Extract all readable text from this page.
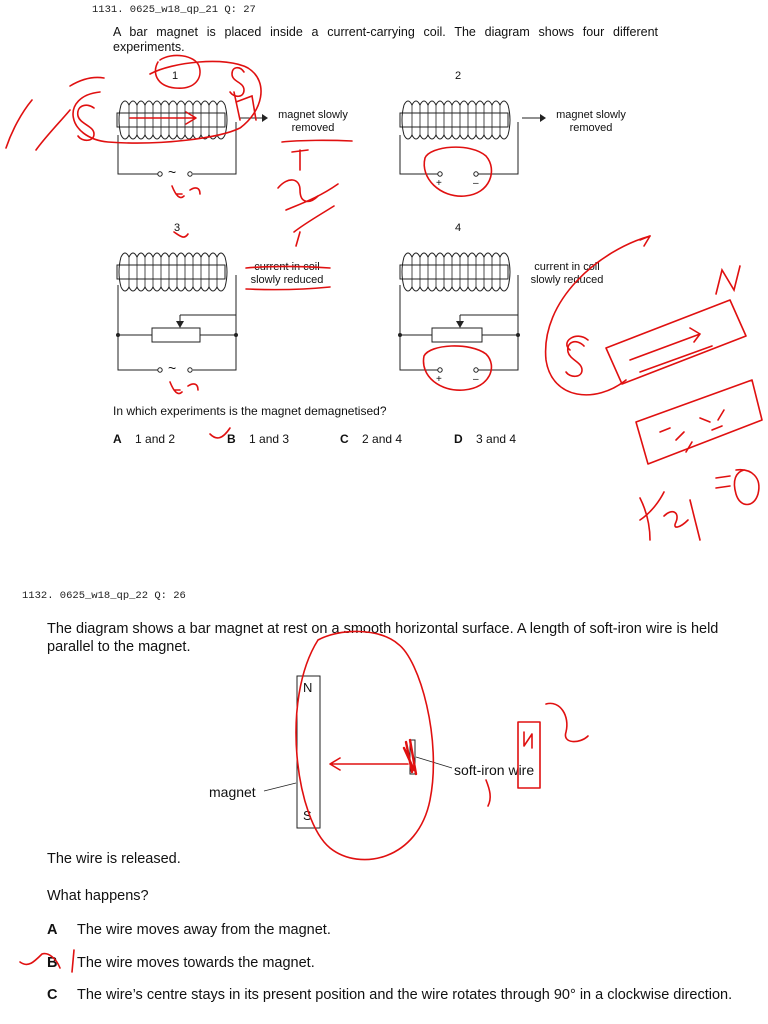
1131. 0625_w18_qp_21 Q: 27
A bar magnet is placed inside a current-carrying coil. The diagram shows four different experiments.
1	2
3	4
~
~
+	–
+	–
magnet slowly removed
magnet slowly removed
current in coil slowly reduced
current in coil slowly reduced
In which experiments is the magnet demagnetised?
A 1 and 2	B 1 and 3	C 2 and 4	D 3 and 4
1132. 0625_w18_qp_22 Q: 26
The diagram shows a bar magnet at rest on a smooth horizontal surface. A length of soft-iron wire is held parallel to the magnet.
N
S
magnet
soft-iron wire
The wire is released.
What happens?
A The wire moves away from the magnet.
B The wire moves towards the magnet.
C The wire’s centre stays in its present position and the wire rotates through 90° in a clockwise direction.
